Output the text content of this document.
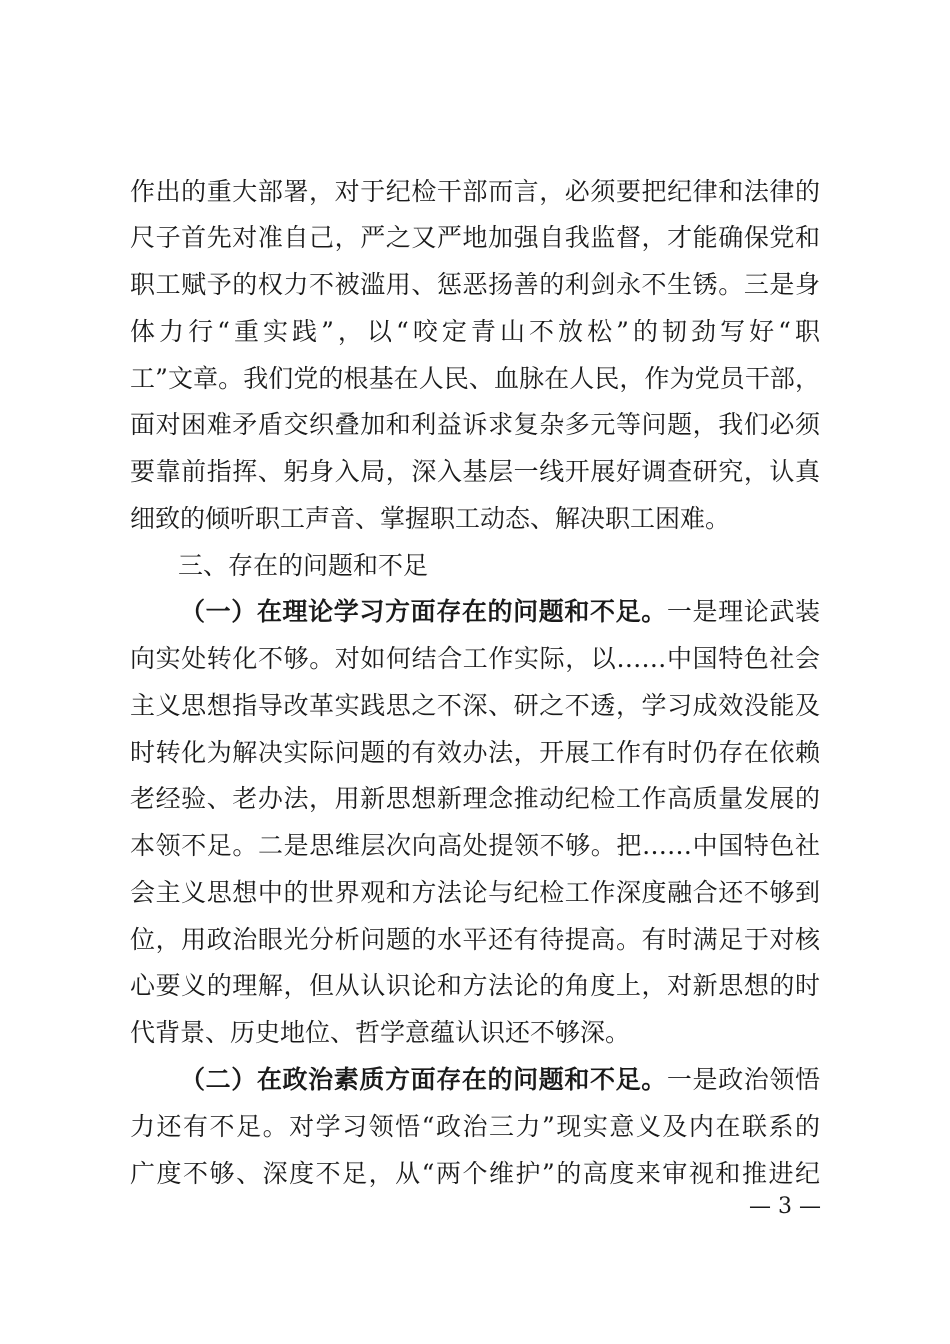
作出的重大部署，对于纪检干部而言，必须要把纪律和法律的
尺子首先对准自己，严之又严地加强自我监督，才能确保党和
职工赋予的权力不被滥用、惩恶扬善的利剑永不生锈。三是身
体力行“重实践”，以“咬定青山不放松”的韧劲写好“职
工”文章。我们党的根基在人民、血脉在人民，作为党员干部，
面对困难矛盾交织叠加和利益诉求复杂多元等问题，我们必须
要靠前指挥、躬身入局，深入基层一线开展好调查研究，认真
细致的倾听职工声音、掌握职工动态、解决职工困难。
三、存在的问题和不足
（一）在理论学习方面存在的问题和不足。一是理论武装
向实处转化不够。对如何结合工作实际，以……中国特色社会
主义思想指导改革实践思之不深、研之不透，学习成效没能及
时转化为解决实际问题的有效办法，开展工作有时仍存在依赖
老经验、老办法，用新思想新理念推动纪检工作高质量发展的
本领不足。二是思维层次向高处提领不够。把……中国特色社
会主义思想中的世界观和方法论与纪检工作深度融合还不够到
位，用政治眼光分析问题的水平还有待提高。有时满足于对核
心要义的理解，但从认识论和方法论的角度上，对新思想的时
代背景、历史地位、哲学意蕴认识还不够深。
（二）在政治素质方面存在的问题和不足。一是政治领悟
力还有不足。对学习领悟“政治三力”现实意义及内在联系的
广度不够、深度不足，从“两个维护”的高度来审视和推进纪
— 3 —
